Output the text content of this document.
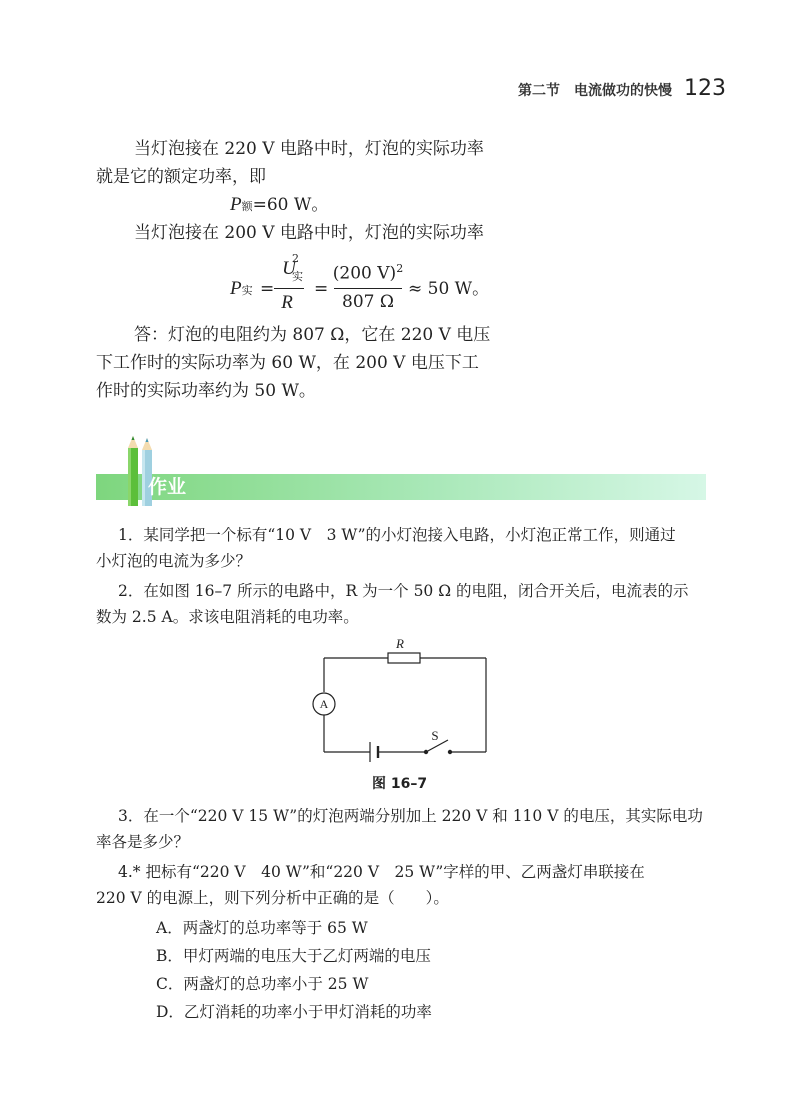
第二节　电流做功的快慢 123
当灯泡接在 220 V 电路中时，灯泡的实际功率
就是它的额定功率，即
P额=60 W。
当灯泡接在 200 V 电路中时，灯泡的实际功率
P实 =
U
2
实
R
=
(200 V)$^2$
807 Ω
≈ 50 W。
答：灯泡的电阻约为 807 Ω，它在 220 V 电压
下工作时的实际功率为 60 W，在 200 V 电压下工
作时的实际功率约为 50 W。
作业
1．某同学把一个标有“10 V　3 W”的小灯泡接入电路，小灯泡正常工作，则通过
小灯泡的电流为多少？
2．在如图 16–7 所示的电路中，R 为一个 50 Ω 的电阻，闭合开关后，电流表的示
数为 2.5 A。求该电阻消耗的电功率。
R
A
S
图 16–7
3．在一个“220 V 15 W”的灯泡两端分别加上 220 V 和 110 V 的电压，其实际电功
率各是多少？
4.* 把标有“220 V　40 W”和“220 V　25 W”字样的甲、乙两盏灯串联接在
220 V 的电源上，则下列分析中正确的是（　　）。
A．两盏灯的总功率等于 65 W
B．甲灯两端的电压大于乙灯两端的电压
C．两盏灯的总功率小于 25 W
D．乙灯消耗的功率小于甲灯消耗的功率
